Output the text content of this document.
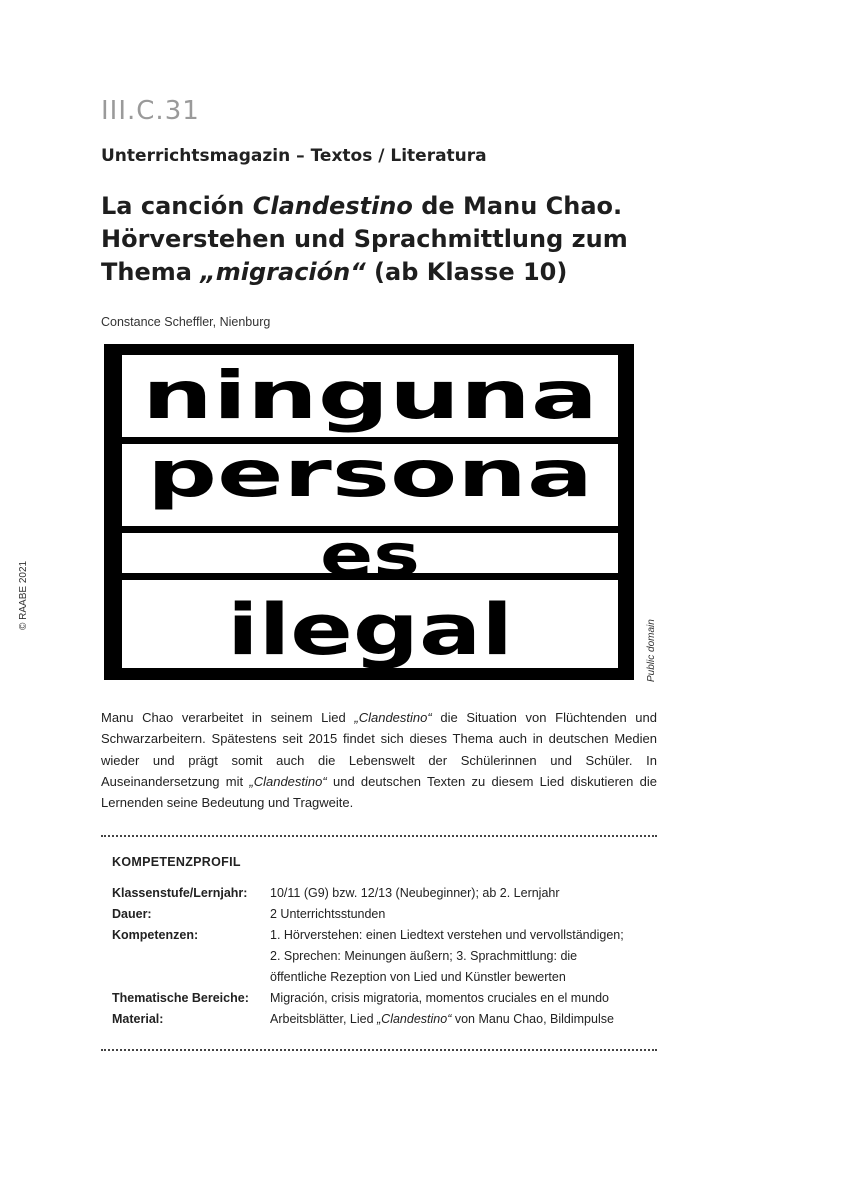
III.C.31
Unterrichtsmagazin – Textos / Literatura
La canción Clandestino de Manu Chao.
Hörverstehen und Sprachmittlung zum
Thema „migración“ (ab Klasse 10)
Constance Scheffler, Nienburg
© RAABE 2021
ninguna
persona
es
ilegal	Public domain
Manu Chao verarbeitet in seinem Lied „Clandestino“ die Situation von Flüchtenden und Schwarzarbeitern. Spätestens seit 2015 findet sich dieses Thema auch in deutschen Medien wieder und prägt somit auch die Lebenswelt der Schülerinnen und Schüler. In Auseinandersetzung mit „Clandestino“ und deutschen Texten zu diesem Lied diskutieren die Lernenden seine Bedeutung und Tragweite.
KOMPETENZPROFIL
Klassenstufe/Lernjahr:	10/11 (G9) bzw. 12/13 (Neubeginner); ab 2. Lernjahr
Dauer:	2 Unterrichtsstunden
Kompetenzen:	1. Hörverstehen: einen Liedtext verstehen und vervollständigen;
2. Sprechen: Meinungen äußern; 3. Sprachmittlung: die
öffentliche Rezeption von Lied und Künstler bewerten
Thematische Bereiche:	Migración, crisis migratoria, momentos cruciales en el mundo
Material:	Arbeitsblätter, Lied „Clandestino“ von Manu Chao, Bildimpulse
